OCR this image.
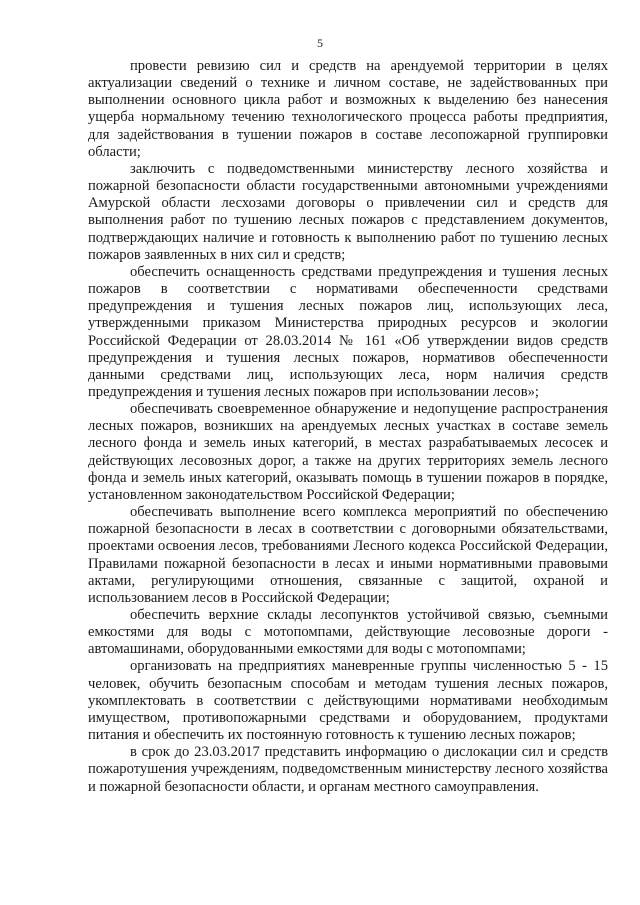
5

провести ревизию сил и средств на арендуемой территории в целях актуализации сведений о технике и личном составе, не задействованных при выполнении основного цикла работ и возможных к выделению без нанесения ущерба нормальному течению технологического процесса работы предприятия, для задействования в тушении пожаров в составе лесопожарной группировки области;

заключить с подведомственными министерству лесного хозяйства и пожарной безопасности области государственными автономными учреждениями Амурской области лесхозами договоры о привлечении сил и средств для выполнения работ по тушению лесных пожаров с представлением документов, подтверждающих наличие и готовность к выполнению работ по тушению лесных пожаров заявленных в них сил и средств;

обеспечить оснащенность средствами предупреждения и тушения лесных пожаров в соответствии с нормативами обеспеченности средствами предупреждения и тушения лесных пожаров лиц, использующих леса, утвержденными приказом Министерства природных ресурсов и экологии Российской Федерации от 28.03.2014 № 161 «Об утверждении видов средств предупреждения и тушения лесных пожаров, нормативов обеспеченности данными средствами лиц, использующих леса, норм наличия средств предупреждения и тушения лесных пожаров при использовании лесов»;

обеспечивать своевременное обнаружение и недопущение распространения лесных пожаров, возникших на арендуемых лесных участках в составе земель лесного фонда и земель иных категорий, в местах разрабатываемых лесосек и действующих лесовозных дорог, а также на других территориях земель лесного фонда и земель иных категорий, оказывать помощь в тушении пожаров в порядке, установленном законодательством Российской Федерации;

обеспечивать выполнение всего комплекса мероприятий по обеспечению пожарной безопасности в лесах в соответствии с договорными обязательствами, проектами освоения лесов, требованиями Лесного кодекса Российской Федерации, Правилами пожарной безопасности в лесах и иными нормативными правовыми актами, регулирующими отношения, связанные с защитой, охраной и использованием лесов в Российской Федерации;

обеспечить верхние склады лесопунктов устойчивой связью, съемными емкостями для воды с мотопомпами, действующие лесовозные дороги - автомашинами, оборудованными емкостями для воды с мотопомпами;

организовать на предприятиях маневренные группы численностью 5 - 15 человек, обучить безопасным способам и методам тушения лесных пожаров, укомплектовать в соответствии с действующими нормативами необходимым имуществом, противопожарными средствами и оборудованием, продуктами питания и обеспечить их постоянную готовность к тушению лесных пожаров;

в срок до 23.03.2017 представить информацию о дислокации сил и средств пожаротушения учреждениям, подведомственным министерству лесного хозяйства и пожарной безопасности области, и органам местного самоуправления.
